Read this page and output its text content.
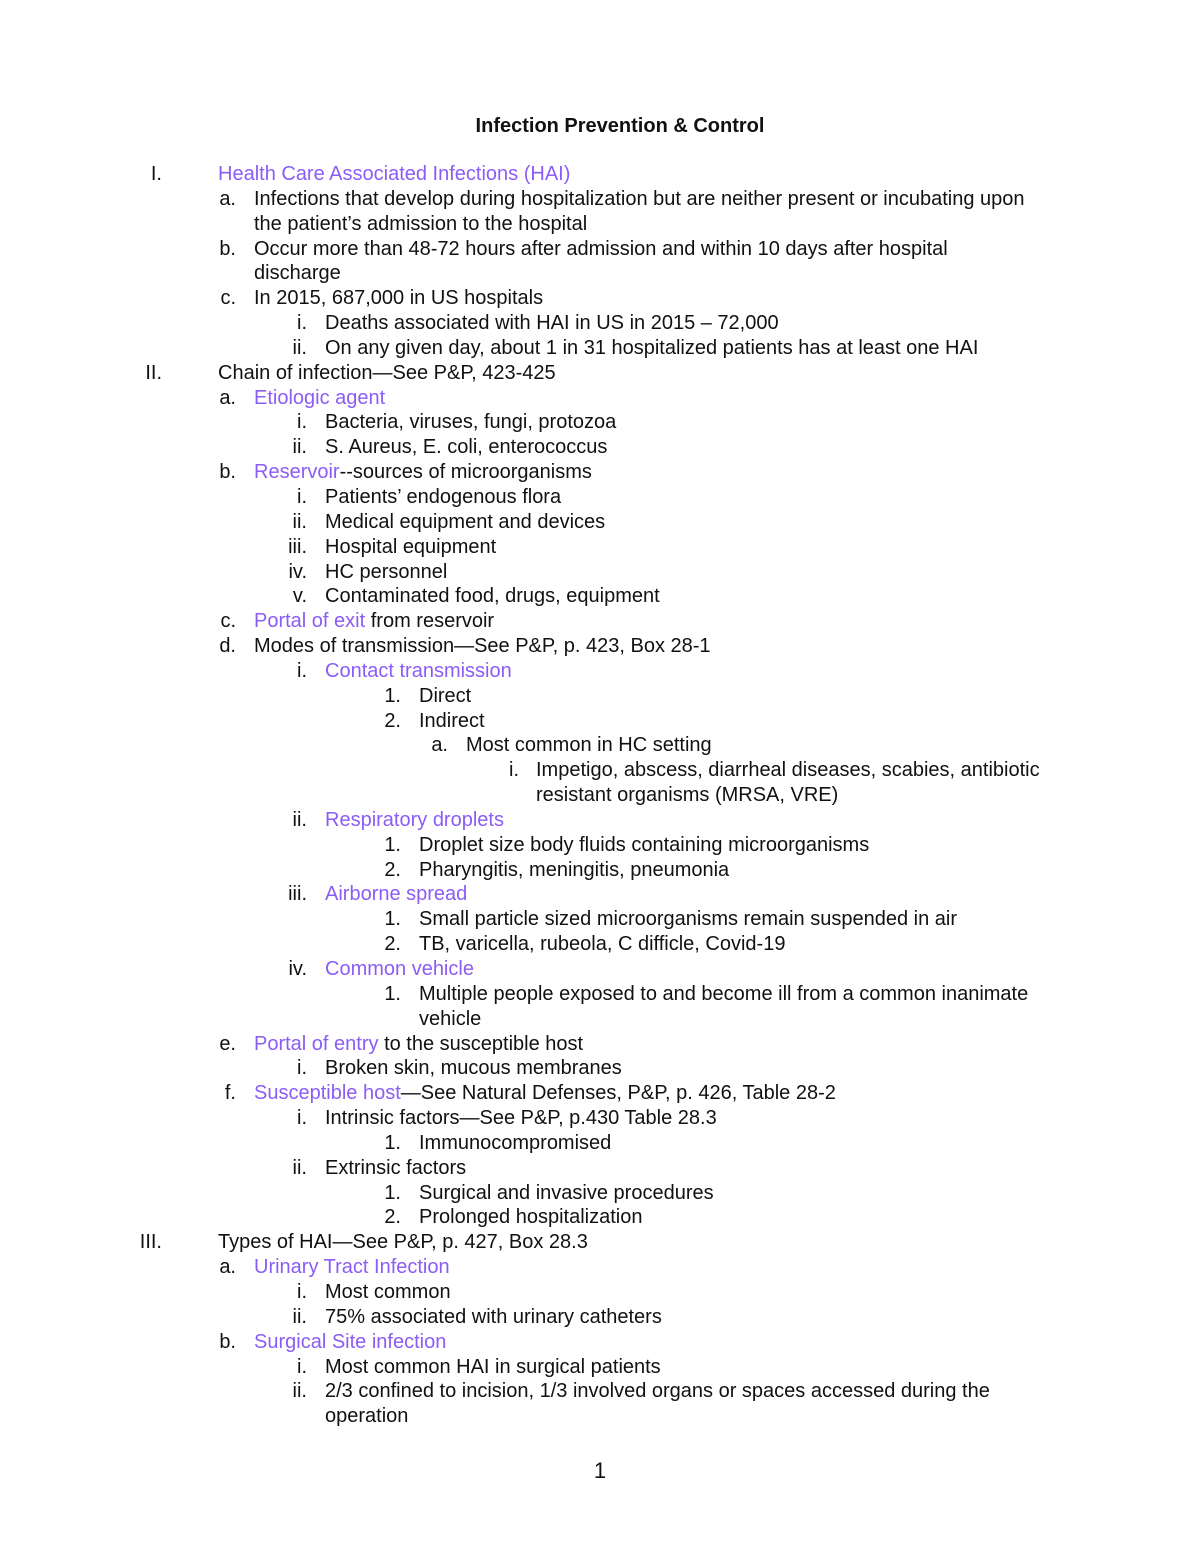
Infection Prevention & Control
I.	Health Care Associated Infections (HAI)
a. Infections that develop during hospitalization but are neither present or incubating upon
the patient’s admission to the hospital
b. Occur more than 48-72 hours after admission and within 10 days after hospital
discharge
c. In 2015, 687,000 in US hospitals
i. Deaths associated with HAI in US in 2015 – 72,000
ii. On any given day, about 1 in 31 hospitalized patients has at least one HAI
II.	Chain of infection—See P&P, 423-425
a. Etiologic agent
i. Bacteria, viruses, fungi, protozoa
ii. S. Aureus, E. coli, enterococcus
b. Reservoir--sources of microorganisms
i. Patients’ endogenous flora
ii. Medical equipment and devices
iii. Hospital equipment
iv. HC personnel
v. Contaminated food, drugs, equipment
c. Portal of exit from reservoir
d. Modes of transmission—See P&P, p. 423, Box 28-1
i. Contact transmission
1. Direct
2. Indirect
a. Most common in HC setting
i. Impetigo, abscess, diarrheal diseases, scabies, antibiotic
resistant organisms (MRSA, VRE)
ii. Respiratory droplets
1. Droplet size body fluids containing microorganisms
2. Pharyngitis, meningitis, pneumonia
iii. Airborne spread
1. Small particle sized microorganisms remain suspended in air
2. TB, varicella, rubeola, C difficle, Covid-19
iv. Common vehicle
1. Multiple people exposed to and become ill from a common inanimate
vehicle
e. Portal of entry to the susceptible host
i. Broken skin, mucous membranes
f. Susceptible host—See Natural Defenses, P&P, p. 426, Table 28-2
i. Intrinsic factors—See P&P, p.430 Table 28.3
1. Immunocompromised
ii. Extrinsic factors
1. Surgical and invasive procedures
2. Prolonged hospitalization
III.	Types of HAI—See P&P, p. 427, Box 28.3
a. Urinary Tract Infection
i. Most common
ii. 75% associated with urinary catheters
b. Surgical Site infection
i. Most common HAI in surgical patients
ii. 2/3 confined to incision, 1/3 involved organs or spaces accessed during the
operation
1
